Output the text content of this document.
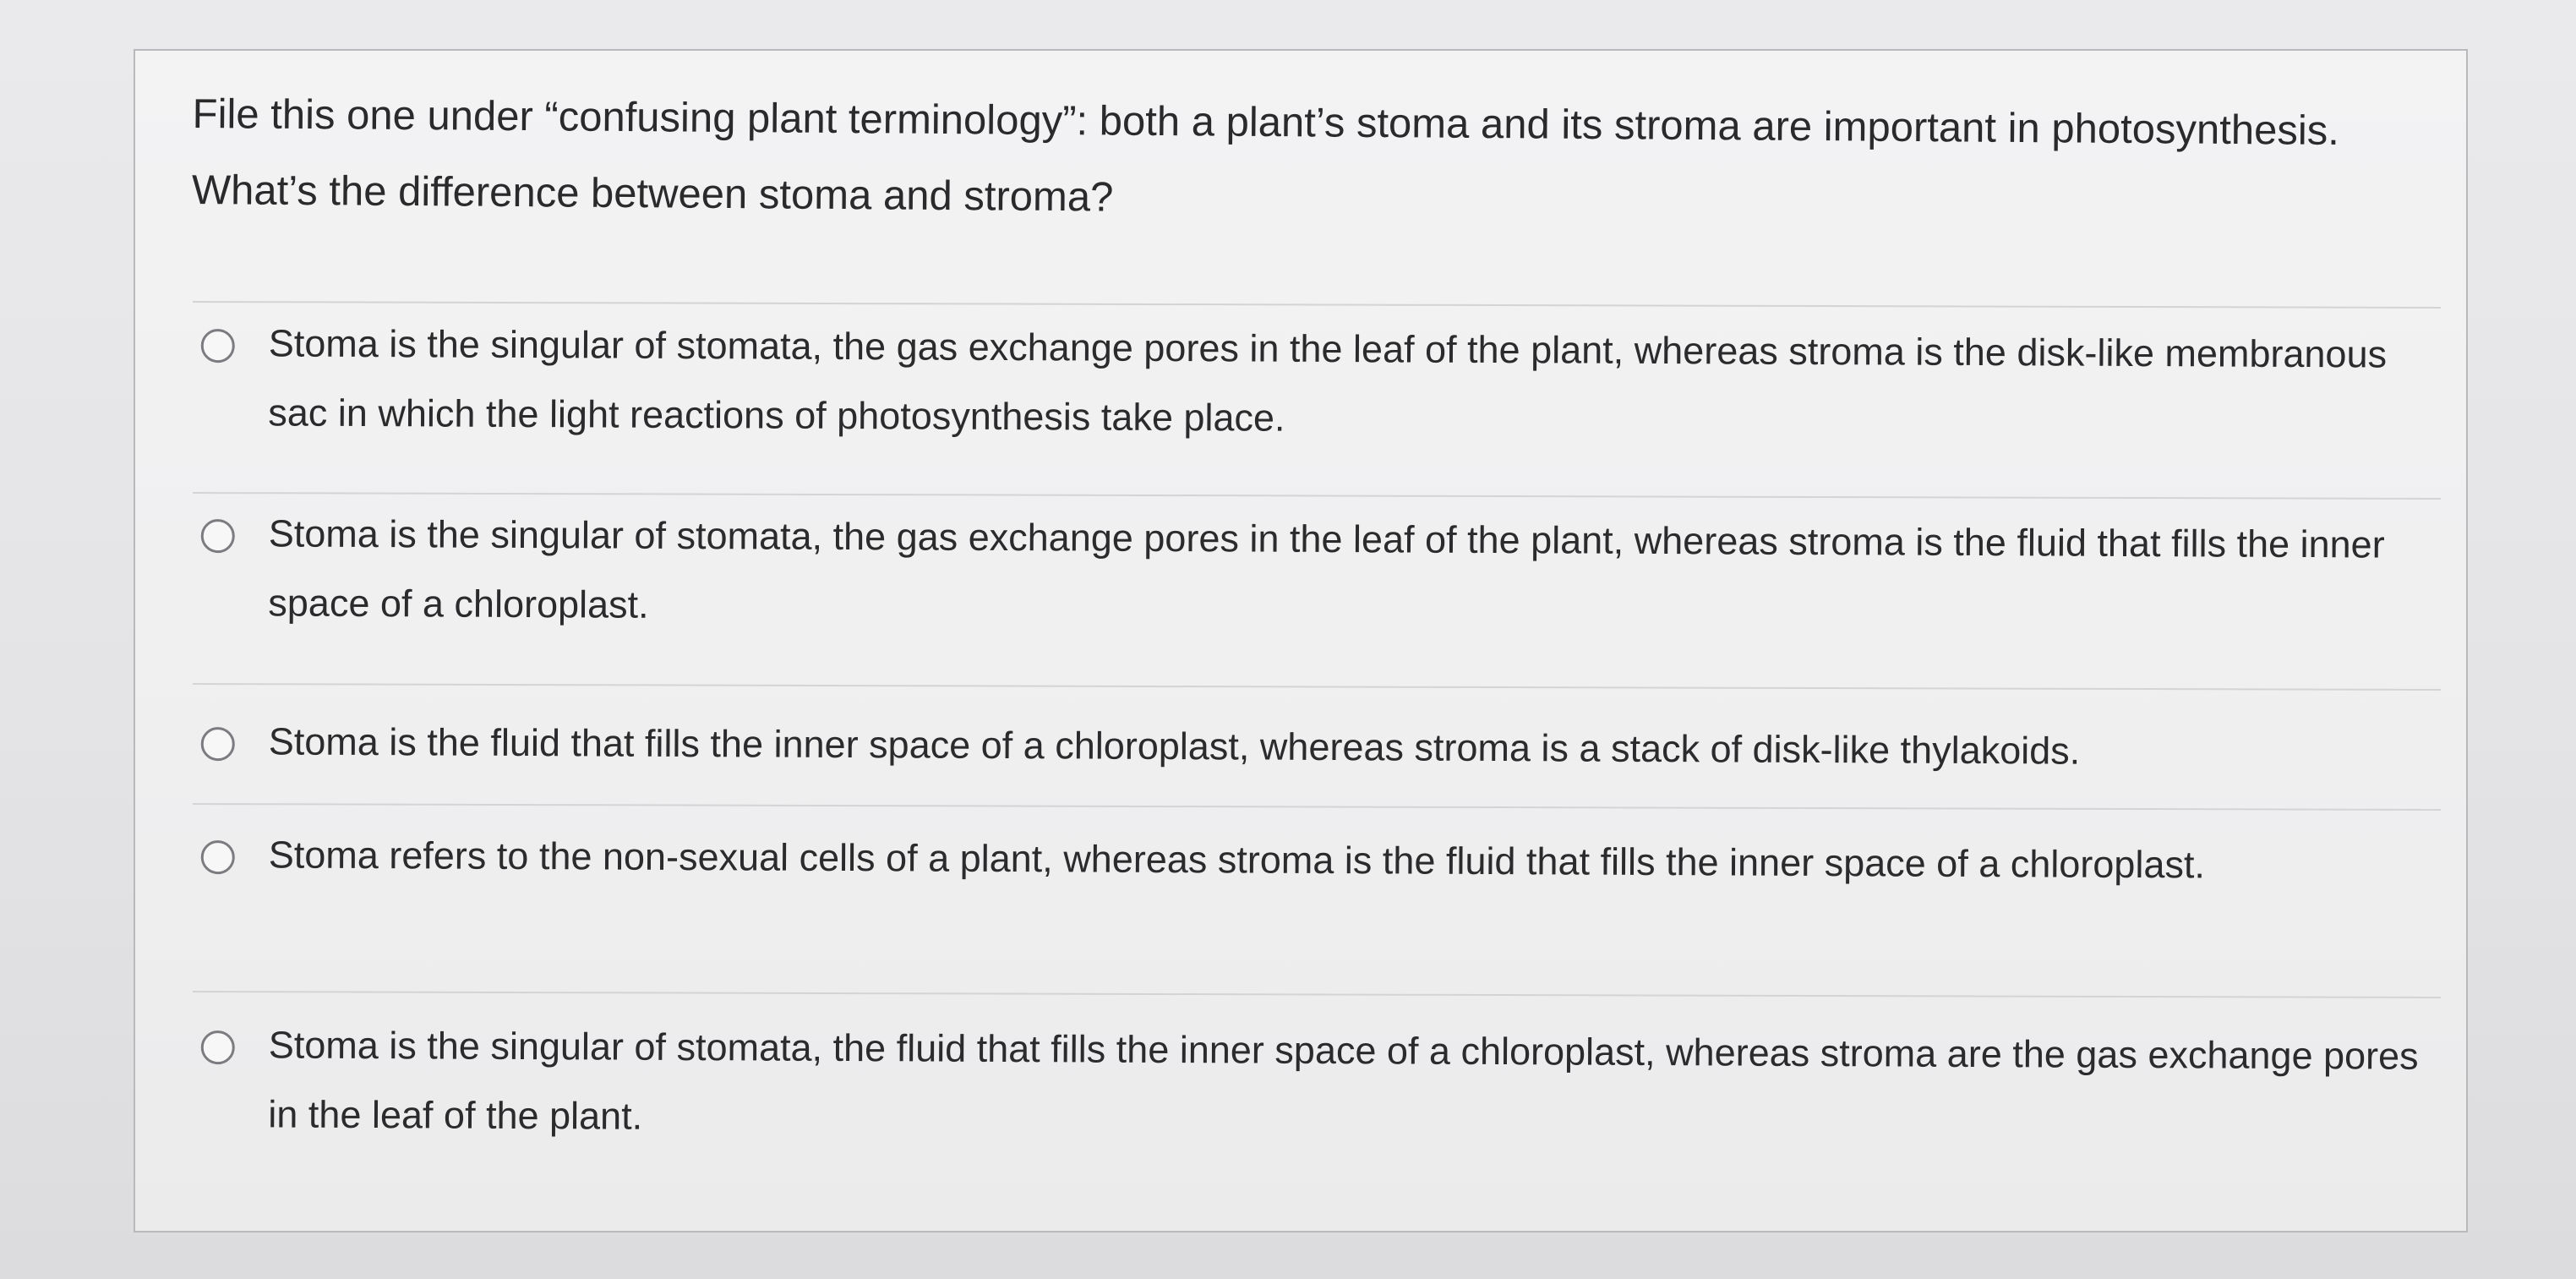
File this one under “confusing plant terminology”: both a plant’s stoma and its stroma are important in photosynthesis. What’s the difference between stoma and stroma?

Stoma is the singular of stomata, the gas exchange pores in the leaf of the plant, whereas stroma is the disk-like membranous sac in which the light reactions of photosynthesis take place.
Stoma is the singular of stomata, the gas exchange pores in the leaf of the plant, whereas stroma is the fluid that fills the inner space of a chloroplast.
Stoma is the fluid that fills the inner space of a chloroplast, whereas stroma is a stack of disk-like thylakoids.
Stoma refers to the non-sexual cells of a plant, whereas stroma is the fluid that fills the inner space of a chloroplast.
Stoma is the singular of stomata, the fluid that fills the inner space of a chloroplast, whereas stroma are the gas exchange pores in the leaf of the plant.
